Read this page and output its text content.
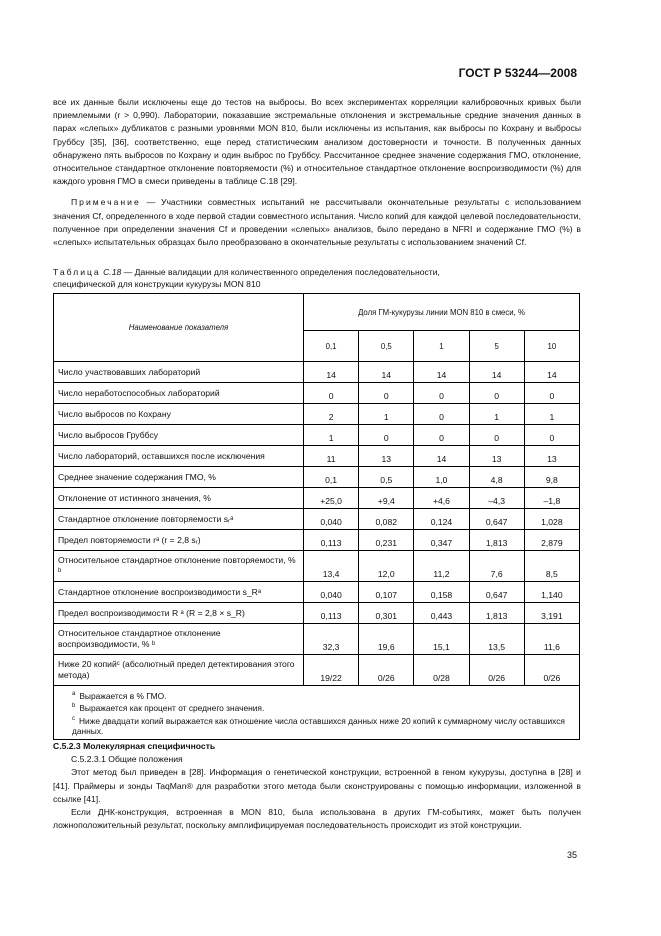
ГОСТ Р 53244—2008

все их данные были исключены еще до тестов на выбросы. Во всех экспериментах корреляции калибровочных кривых были приемлемыми (r > 0,990). Лаборатории, показавшие экстремальные отклонения и экстремальные средние значения данных в парах «слепых» дубликатов с разными уровнями MON 810, были исключены из испытания, как выбросы по Кохрану и выбросы Груббсу [35], [36], соответственно, еще перед статистическим анализом достоверности и точности. В полученных данных обнаружено пять выбросов по Кохрану и один выброс по Груббсу. Рассчитанное среднее значение содержания ГМО, отклонение, относительное стандартное отклонение повторяемости (%) и относительное стандартное отклонение воспроизводимости (%) для каждого уровня ГМО в смеси приведены в таблице С.18 [29].

Примечание — Участники совместных испытаний не рассчитывали окончательные результаты с использованием значения Cf, определенного в ходе первой стадии совместного испытания. Число копий для каждой целевой последовательности, полученное при определении значения Cf и проведении «слепых» анализов, было передано в NFRI и содержание ГМО (%) в «слепых» испытательных образцах было преобразовано в окончательные результаты с использованием значений Cf.

Таблица С.18 — Данные валидации для количественного определения последовательности,
специфической для конструкции кукурузы MON 810
Наименование показателя	Доля ГМ-кукурузы линии MON 810 в смеси, %				
	0,1	0,5	1	5	10
Число участвовавших лабораторий	14	14	14	14	14
Число неработоспособных лабораторий	0	0	0	0	0
Число выбросов по Кохрану	2	1	0	1	1
Число выбросов Груббсу	1	0	0	0	0
Число лабораторий, оставшихся после исключения	11	13	14	13	13
Среднее значение содержания ГМО, %	0,1	0,5	1,0	4,8	9,8
Отклонение от истинного значения, %	+25,0	+9,4	+4,6	–4,3	–1,8
Стандартное отклонение повторяемости sᵣᵃ	0,040	0,082	0,124	0,647	1,028
Предел повторяемости rᵃ (r = 2,8 sᵣ)	0,113	0,231	0,347	1,813	2,879
Относительное стандартное отклонение повторяемости, % ᵇ	13,4	12,0	11,2	7,6	8,5
Стандартное отклонение воспроизводимости s_Rᵃ	0,040	0,107	0,158	0,647	1,140
Предел воспроизводимости R ᵃ (R = 2,8 × s_R)	0,113	0,301	0,443	1,813	3,191
Относительное стандартное отклонение воспроизводимости, % ᵇ	32,3	19,6	15,1	13,5	11,6
Ниже 20 копийᶜ (абсолютный предел детектирования этого метода)	19/22	0/26	0/28	0/26	0/26

$^a$ Выражается в % ГМО.
$^b$ Выражается как процент от среднего значения.
$^c$ Ниже двадцати копий выражается как отношение числа оставшихся данных ниже 20 копий к суммарному числу оставшихся данных.					

С.5.2.3 Молекулярная специфичность

С.5.2.3.1 Общие положения

Этот метод был приведен в [28]. Информация о генетической конструкции, встроенной в геном кукурузы, доступна в [28] и [41]. Праймеры и зонды TaqMan® для разработки этого метода были сконструированы с помощью информации, изложенной в ссылке [41].

Если ДНК-конструкция, встроенная в MON 810, была использована в других ГМ-событиях, может быть получен ложноположительный результат, поскольку амплифицируемая последовательность происходит из этой конструкции.

35
